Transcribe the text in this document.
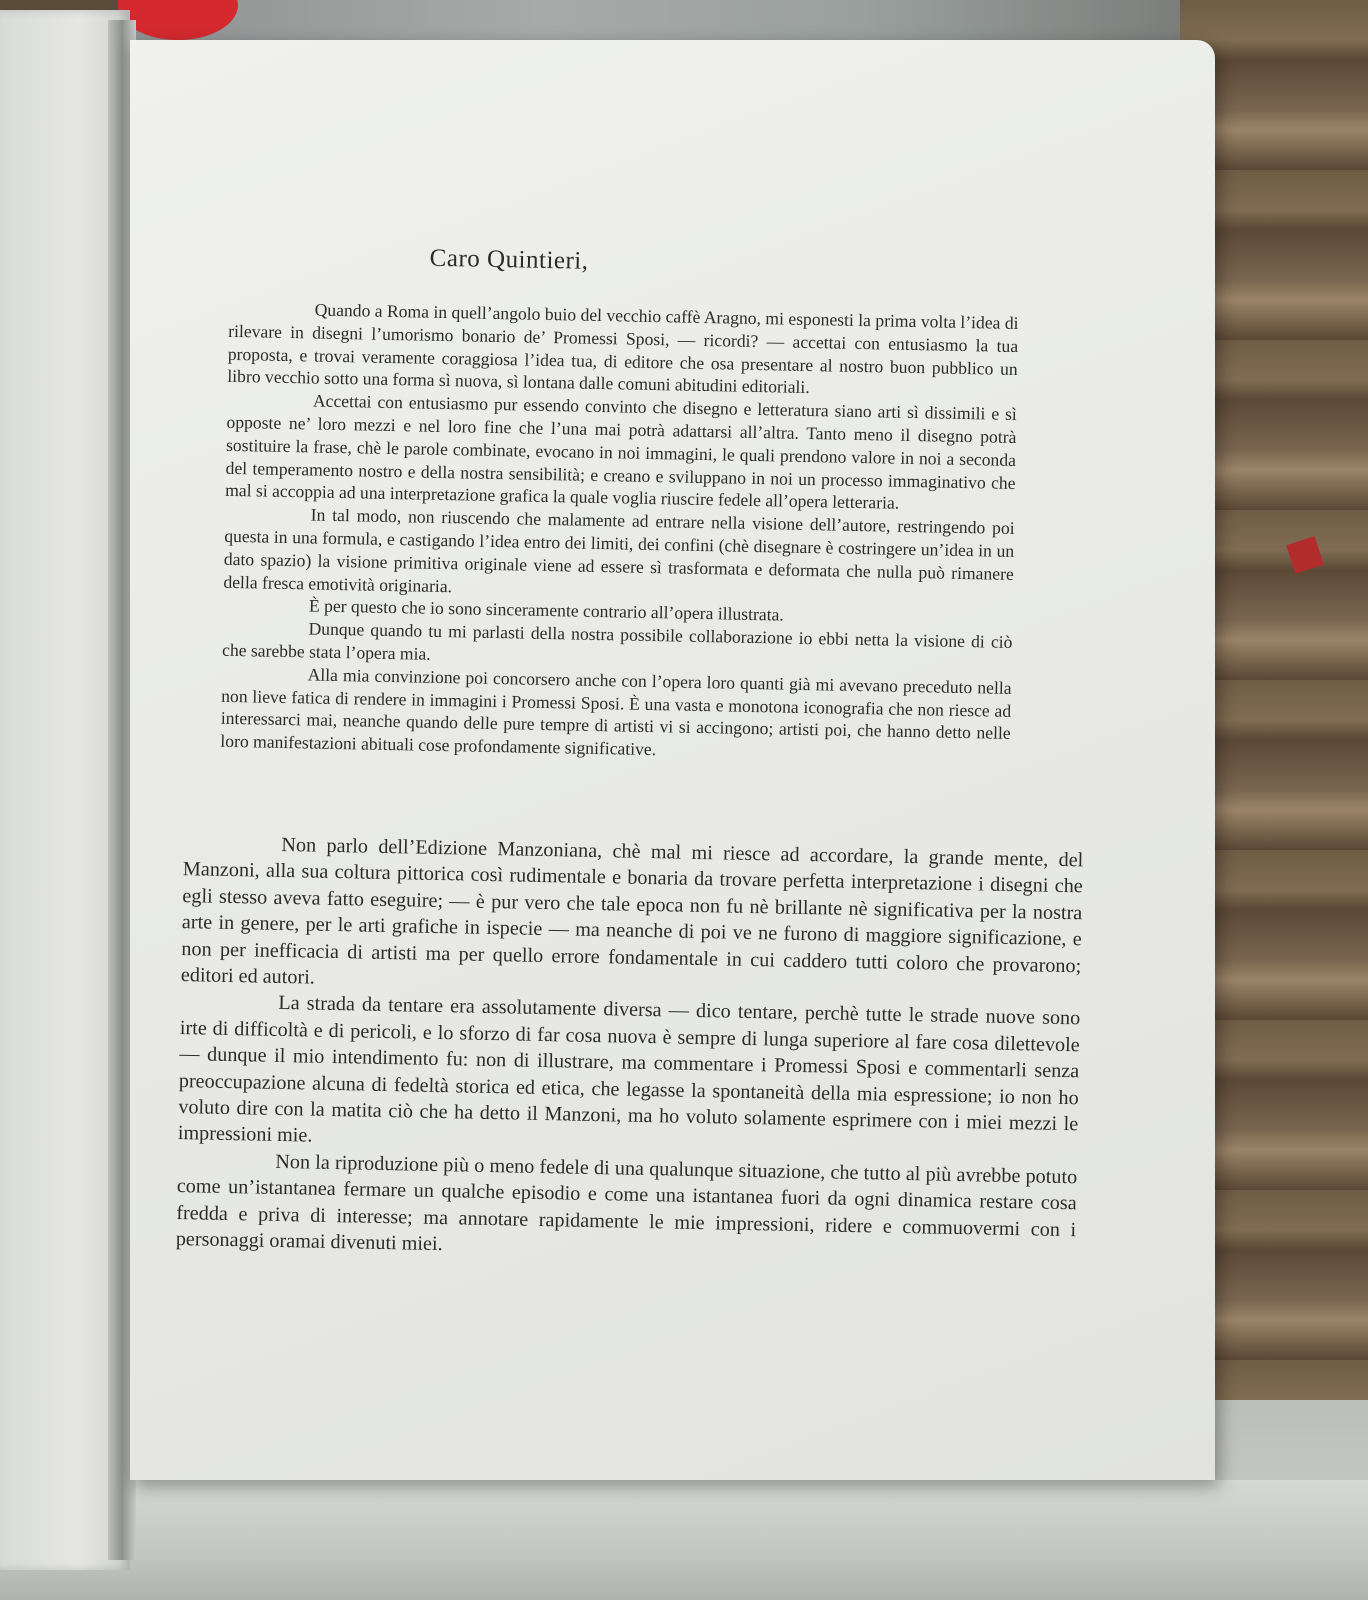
Caro Quintieri,

Quando a Roma in quell’angolo buio del vecchio caffè Aragno, mi esponesti la prima volta l’idea di rilevare in disegni l’umorismo bonario de’ Promessi Sposi, — ricordi? — accettai con entusiasmo la tua proposta, e trovai veramente coraggiosa l’idea tua, di editore che osa presentare al nostro buon pubblico un libro vecchio sotto una forma sì nuova, sì lontana dalle comuni abitudini editoriali.

Accettai con entusiasmo pur essendo convinto che disegno e letteratura siano arti sì dissimili e sì opposte ne’ loro mezzi e nel loro fine che l’una mai potrà adattarsi all’altra. Tanto meno il disegno potrà sostituire la frase, chè le parole combinate, evocano in noi immagini, le quali prendono valore in noi a seconda del temperamento nostro e della nostra sensibilità; e creano e sviluppano in noi un processo immaginativo che mal si accoppia ad una interpretazione grafica la quale voglia riuscire fedele all’opera letteraria.

In tal modo, non riuscendo che malamente ad entrare nella visione dell’autore, restringendo poi questa in una formula, e castigando l’idea entro dei limiti, dei confini (chè disegnare è costringere un’idea in un dato spazio) la visione primitiva originale viene ad essere sì trasformata e deformata che nulla può rimanere della fresca emotività originaria.

È per questo che io sono sinceramente contrario all’opera illustrata.

Dunque quando tu mi parlasti della nostra possibile collaborazione io ebbi netta la visione di ciò che sarebbe stata l’opera mia.

Alla mia convinzione poi concorsero anche con l’opera loro quanti già mi avevano preceduto nella non lieve fatica di rendere in immagini i Promessi Sposi. È una vasta e monotona iconografia che non riesce ad interessarci mai, neanche quando delle pure tempre di artisti vi si accingono; artisti poi, che hanno detto nelle loro manifestazioni abituali cose profondamente significative.

Non parlo dell’Edizione Manzoniana, chè mal mi riesce ad accordare, la grande mente, del Manzoni, alla sua coltura pittorica così rudimentale e bonaria da trovare perfetta interpretazione i disegni che egli stesso aveva fatto eseguire; — è pur vero che tale epoca non fu nè brillante nè significativa per la nostra arte in genere, per le arti grafiche in ispecie — ma neanche di poi ve ne furono di maggiore significazione, e non per inefficacia di artisti ma per quello errore fondamentale in cui caddero tutti coloro che provarono; editori ed autori.

La strada da tentare era assolutamente diversa — dico tentare, perchè tutte le strade nuove sono irte di difficoltà e di pericoli, e lo sforzo di far cosa nuova è sempre di lunga superiore al fare cosa dilettevole — dunque il mio intendimento fu: non di illustrare, ma commentare i Promessi Sposi e commentarli senza preoccupazione alcuna di fedeltà storica ed etica, che legasse la spontaneità della mia espressione; io non ho voluto dire con la matita ciò che ha detto il Manzoni, ma ho voluto solamente esprimere con i miei mezzi le impressioni mie.

Non la riproduzione più o meno fedele di una qualunque situazione, che tutto al più avrebbe potuto come un’istantanea fermare un qualche episodio e come una istantanea fuori da ogni dinamica restare cosa fredda e priva di interesse; ma annotare rapidamente le mie impressioni, ridere e commuovermi con i personaggi oramai divenuti miei.
